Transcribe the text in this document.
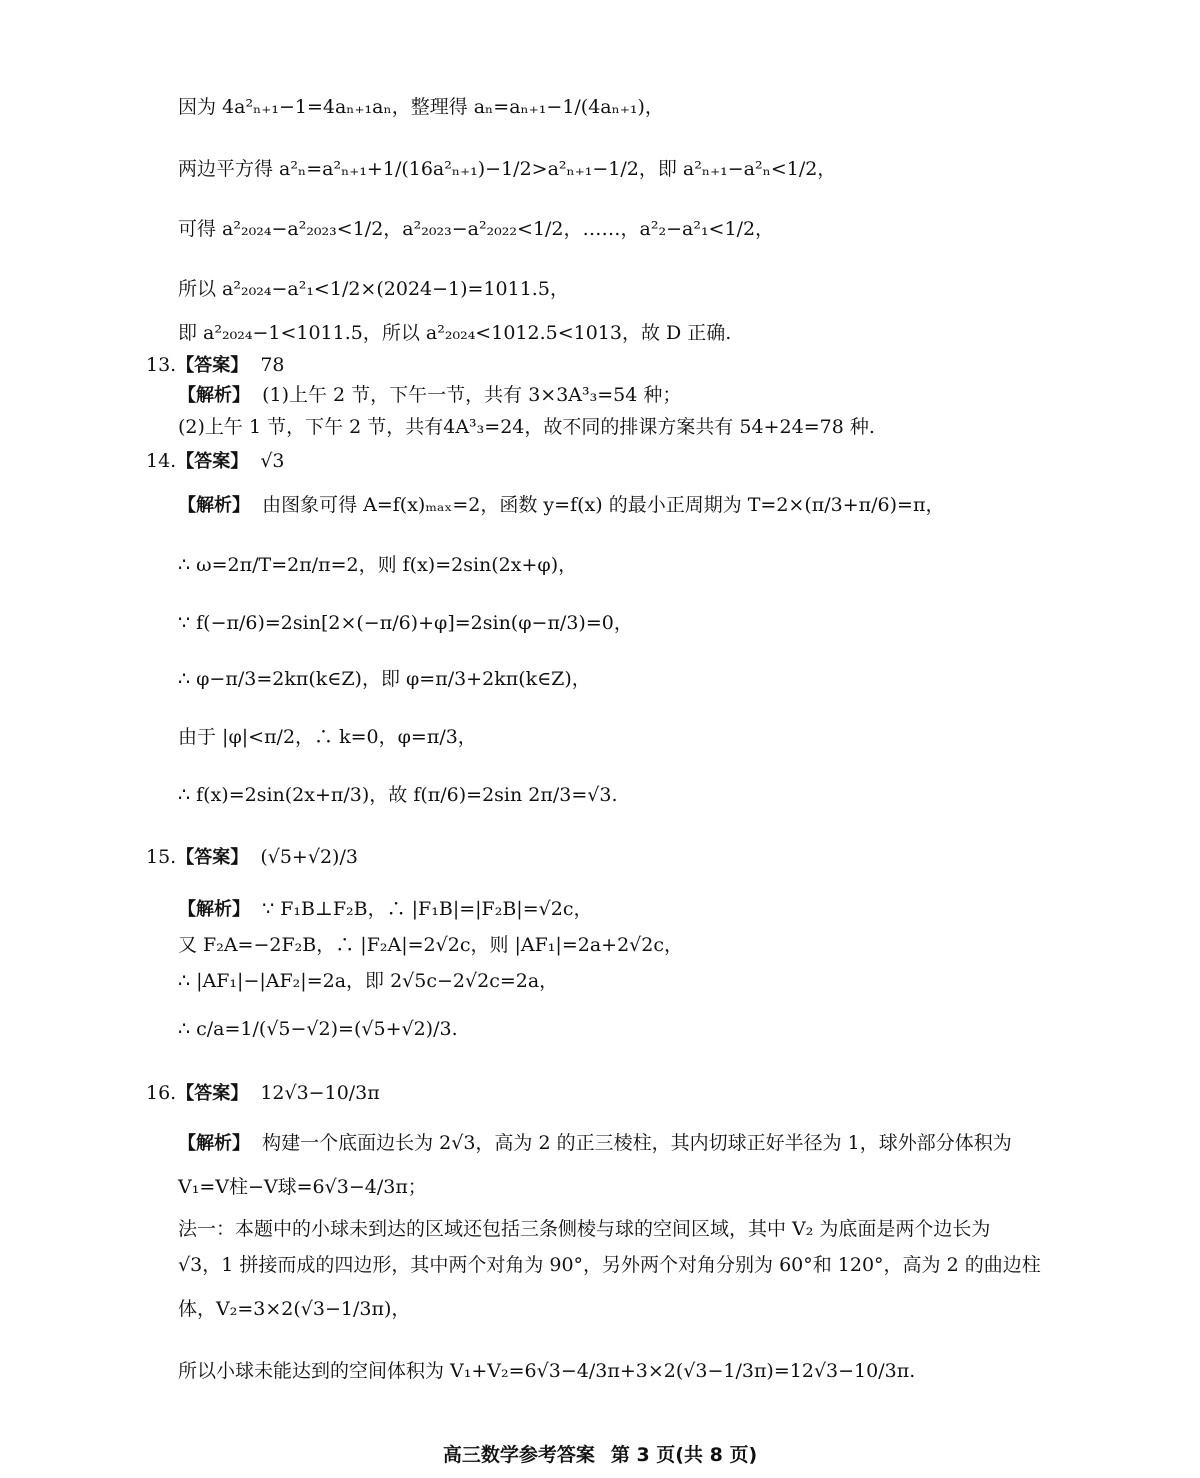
因为 4a²ₙ₊₁−1=4aₙ₊₁aₙ，整理得 aₙ=aₙ₊₁−1/(4aₙ₊₁)，
两边平方得 a²ₙ=a²ₙ₊₁+1/(16a²ₙ₊₁)−1/2>a²ₙ₊₁−1/2，即 a²ₙ₊₁−a²ₙ<1/2，
可得 a²₂₀₂₄−a²₂₀₂₃<1/2，a²₂₀₂₃−a²₂₀₂₂<1/2，……，a²₂−a²₁<1/2，
所以 a²₂₀₂₄−a²₁<1/2×(2024−1)=1011.5，
即 a²₂₀₂₄−1<1011.5，所以 a²₂₀₂₄<1012.5<1013，故 D 正确.
13.【答案】 78
【解析】 (1)上午 2 节，下午一节，共有 3×3A³₃=54 种；
(2)上午 1 节，下午 2 节，共有4A³₃=24，故不同的排课方案共有 54+24=78 种.
14.【答案】 √3
【解析】 由图象可得 A=f(x)ₘₐₓ=2，函数 y=f(x) 的最小正周期为 T=2×(π/3+π/6)=π，
∴ ω=2π/T=2π/π=2，则 f(x)=2sin(2x+φ)，
∵ f(−π/6)=2sin[2×(−π/6)+φ]=2sin(φ−π/3)=0，
∴ φ−π/3=2kπ(k∈Z)，即 φ=π/3+2kπ(k∈Z)，
由于 |φ|<π/2，∴ k=0，φ=π/3，
∴ f(x)=2sin(2x+π/3)，故 f(π/6)=2sin 2π/3=√3.
15.【答案】 (√5+√2)/3
【解析】 ∵ F₁B⊥F₂B，∴ |F₁B|=|F₂B|=√2c，
又 F₂A=−2F₂B，∴ |F₂A|=2√2c，则 |AF₁|=2a+2√2c，
∴ |AF₁|−|AF₂|=2a，即 2√5c−2√2c=2a，
∴ c/a=1/(√5−√2)=(√5+√2)/3.
16.【答案】 12√3−10/3π
【解析】 构建一个底面边长为 2√3，高为 2 的正三棱柱，其内切球正好半径为 1，球外部分体积为
V₁=V柱−V球=6√3−4/3π；
法一：本题中的小球未到达的区域还包括三条侧棱与球的空间区域，其中 V₂ 为底面是两个边长为
√3，1 拼接而成的四边形，其中两个对角为 90°，另外两个对角分别为 60°和 120°，高为 2 的曲边柱
体，V₂=3×2(√3−1/3π)，
所以小球未能达到的空间体积为 V₁+V₂=6√3−4/3π+3×2(√3−1/3π)=12√3−10/3π.
高三数学参考答案 第 3 页(共 8 页)
